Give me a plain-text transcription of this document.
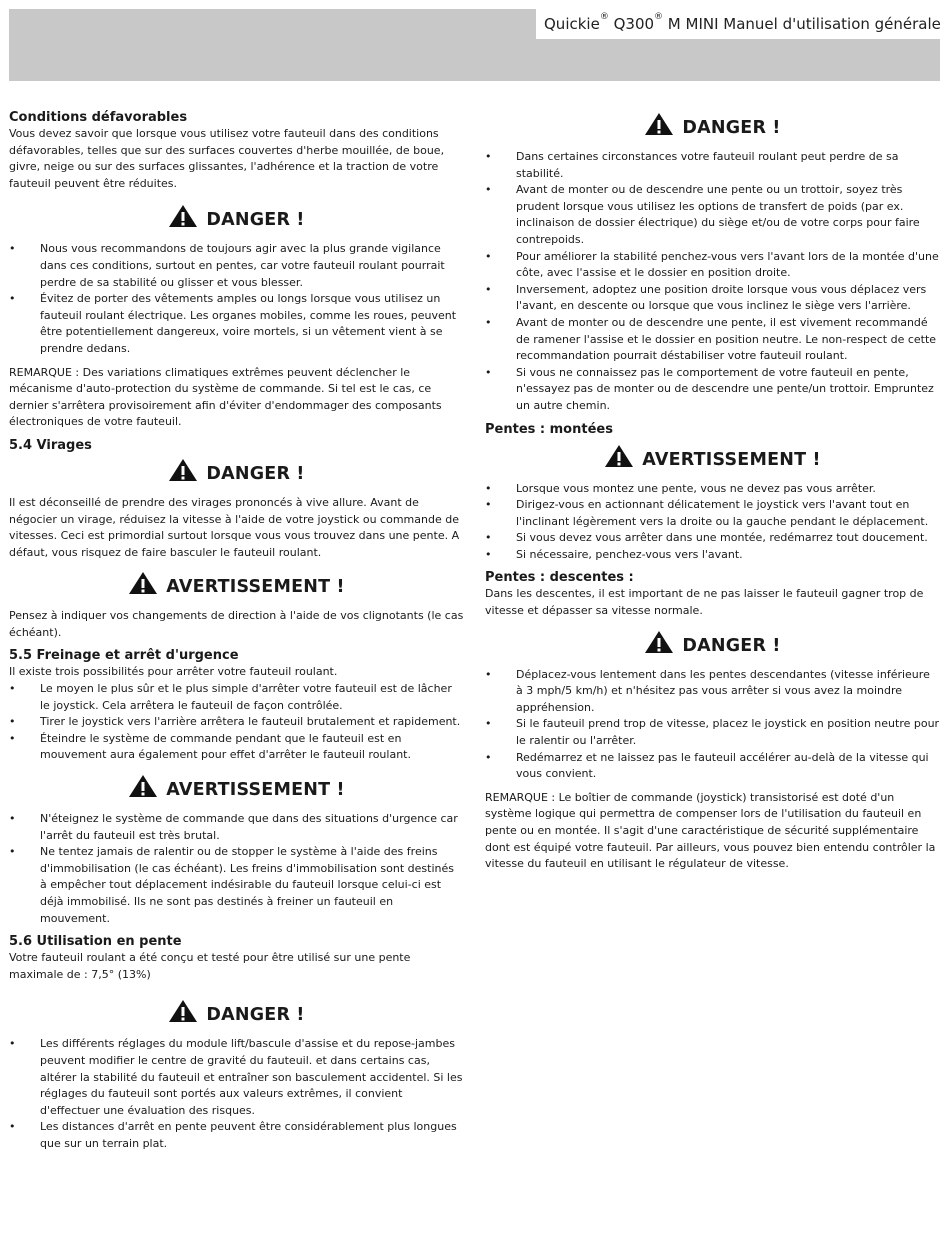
Quickie® Q300® M MINI Manuel d'utilisation générale

Conditions défavorables

Vous devez savoir que lorsque vous utilisez votre fauteuil dans des conditions défavorables, telles que sur des surfaces couvertes d'herbe mouillée, de boue, givre, neige ou sur des surfaces glissantes, l'adhérence et la traction de votre fauteuil peuvent être réduites.

DANGER !
• Nous vous recommandons de toujours agir avec la plus grande vigilance dans ces conditions, surtout en pentes, car votre fauteuil roulant pourrait perdre de sa stabilité ou glisser et vous blesser.
• Évitez de porter des vêtements amples ou longs lorsque vous utilisez un fauteuil roulant électrique. Les organes mobiles, comme les roues, peuvent être potentiellement dangereux, voire mortels, si un vêtement vient à se prendre dedans.

REMARQUE : Des variations climatiques extrêmes peuvent déclencher le mécanisme d'auto-protection du système de commande. Si tel est le cas, ce dernier s'arrêtera provisoirement afin d'éviter d'endommager des composants électroniques de votre fauteuil.

5.4 Virages

DANGER !

Il est déconseillé de prendre des virages prononcés à vive allure. Avant de négocier un virage, réduisez la vitesse à l'aide de votre joystick ou commande de vitesses. Ceci est primordial surtout lorsque vous vous trouvez dans une pente. A défaut, vous risquez de faire basculer le fauteuil roulant.

AVERTISSEMENT !

Pensez à indiquer vos changements de direction à l'aide de vos clignotants (le cas échéant).

5.5 Freinage et arrêt d'urgence

Il existe trois possibilités pour arrêter votre fauteuil roulant.

• Le moyen le plus sûr et le plus simple d'arrêter votre fauteuil est de lâcher le joystick. Cela arrêtera le fauteuil de façon contrôlée.
• Tirer le joystick vers l'arrière arrêtera le fauteuil brutalement et rapidement.
• Éteindre le système de commande pendant que le fauteuil est en mouvement aura également pour effet d'arrêter le fauteuil roulant.
AVERTISSEMENT !
• N'éteignez le système de commande que dans des situations d'urgence car l'arrêt du fauteuil est très brutal.
• Ne tentez jamais de ralentir ou de stopper le système à l'aide des freins d'immobilisation (le cas échéant). Les freins d'immobilisation sont destinés à empêcher tout déplacement indésirable du fauteuil lorsque celui-ci est déjà immobilisé. Ils ne sont pas destinés à freiner un fauteuil en mouvement.

5.6 Utilisation en pente

Votre fauteuil roulant a été conçu et testé pour être utilisé sur une pente maximale de : 7,5° (13%)

DANGER !
• Les différents réglages du module lift/bascule d'assise et du repose-jambes peuvent modifier le centre de gravité du fauteuil. et dans certains cas, altérer la stabilité du fauteuil et entraîner son basculement accidentel. Si les réglages du fauteuil sont portés aux valeurs extrêmes, il convient d'effectuer une évaluation des risques.
• Les distances d'arrêt en pente peuvent être considérablement plus longues que sur un terrain plat.
DANGER !
• Dans certaines circonstances votre fauteuil roulant peut perdre de sa stabilité.
• Avant de monter ou de descendre une pente ou un trottoir, soyez très prudent lorsque vous utilisez les options de transfert de poids (par ex. inclinaison de dossier électrique) du siège et/ou de votre corps pour faire contrepoids.
• Pour améliorer la stabilité penchez-vous vers l'avant lors de la montée d'une côte, avec l'assise et le dossier en position droite.
• Inversement, adoptez une position droite lorsque vous vous déplacez vers l'avant, en descente ou lorsque que vous inclinez le siège vers l'arrière.
• Avant de monter ou de descendre une pente, il est vivement recommandé de ramener l'assise et le dossier en position neutre. Le non-respect de cette recommandation pourrait déstabiliser votre fauteuil roulant.
• Si vous ne connaissez pas le comportement de votre fauteuil en pente, n'essayez pas de monter ou de descendre une pente/un trottoir. Empruntez un autre chemin.

Pentes : montées

AVERTISSEMENT !
• Lorsque vous montez une pente, vous ne devez pas vous arrêter.
• Dirigez-vous en actionnant délicatement le joystick vers l'avant tout en l'inclinant légèrement vers la droite ou la gauche pendant le déplacement.
• Si vous devez vous arrêter dans une montée, redémarrez tout doucement.
• Si nécessaire, penchez-vous vers l'avant.

Pentes : descentes :

Dans les descentes, il est important de ne pas laisser le fauteuil gagner trop de vitesse et dépasser sa vitesse normale.

DANGER !
• Déplacez-vous lentement dans les pentes descendantes (vitesse inférieure à 3 mph/5 km/h) et n'hésitez pas vous arrêter si vous avez la moindre appréhension.
• Si le fauteuil prend trop de vitesse, placez le joystick en position neutre pour le ralentir ou l'arrêter.
• Redémarrez et ne laissez pas le fauteuil accélérer au-delà de la vitesse qui vous convient.

REMARQUE : Le boîtier de commande (joystick) transistorisé est doté d'un système logique qui permettra de compenser lors de l'utilisation du fauteuil en pente ou en montée. Il s'agit d'une caractéristique de sécurité supplémentaire dont est équipé votre fauteuil. Par ailleurs, vous pouvez bien entendu contrôler la vitesse du fauteuil en utilisant le régulateur de vitesse.
